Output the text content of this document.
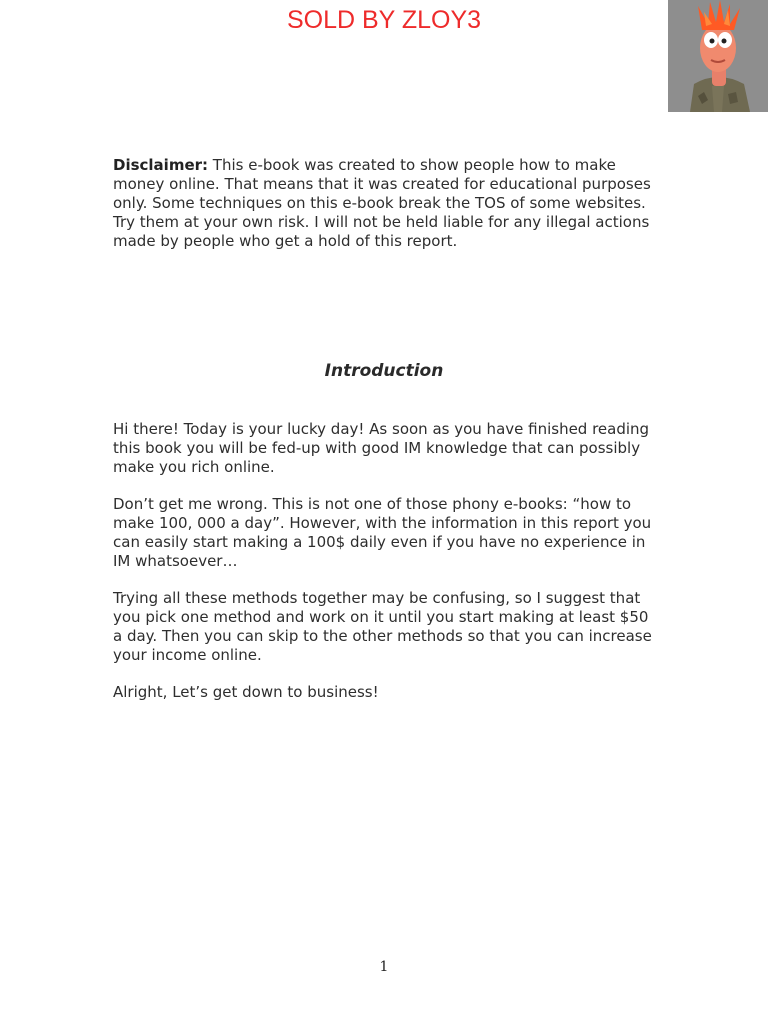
SOLD BY ZLOY3

Disclaimer: This e-book was created to show people how to make money online. That means that it was created for educational purposes only. Some techniques on this e-book break the TOS of some websites. Try them at your own risk. I will not be held liable for any illegal actions made by people who get a hold of this report.

Introduction

Hi there! Today is your lucky day! As soon as you have finished reading this book you will be fed-up with good IM knowledge that can possibly make you rich online.

Don’t get me wrong. This is not one of those phony e-books: “how to make 100, 000 a day”. However, with the information in this report you can easily start making a 100$ daily even if you have no experience in IM whatsoever…

Trying all these methods together may be confusing, so I suggest that you pick one method and work on it until you start making at least $50 a day. Then you can skip to the other methods so that you can increase your income online.

Alright, Let’s get down to business!

1
